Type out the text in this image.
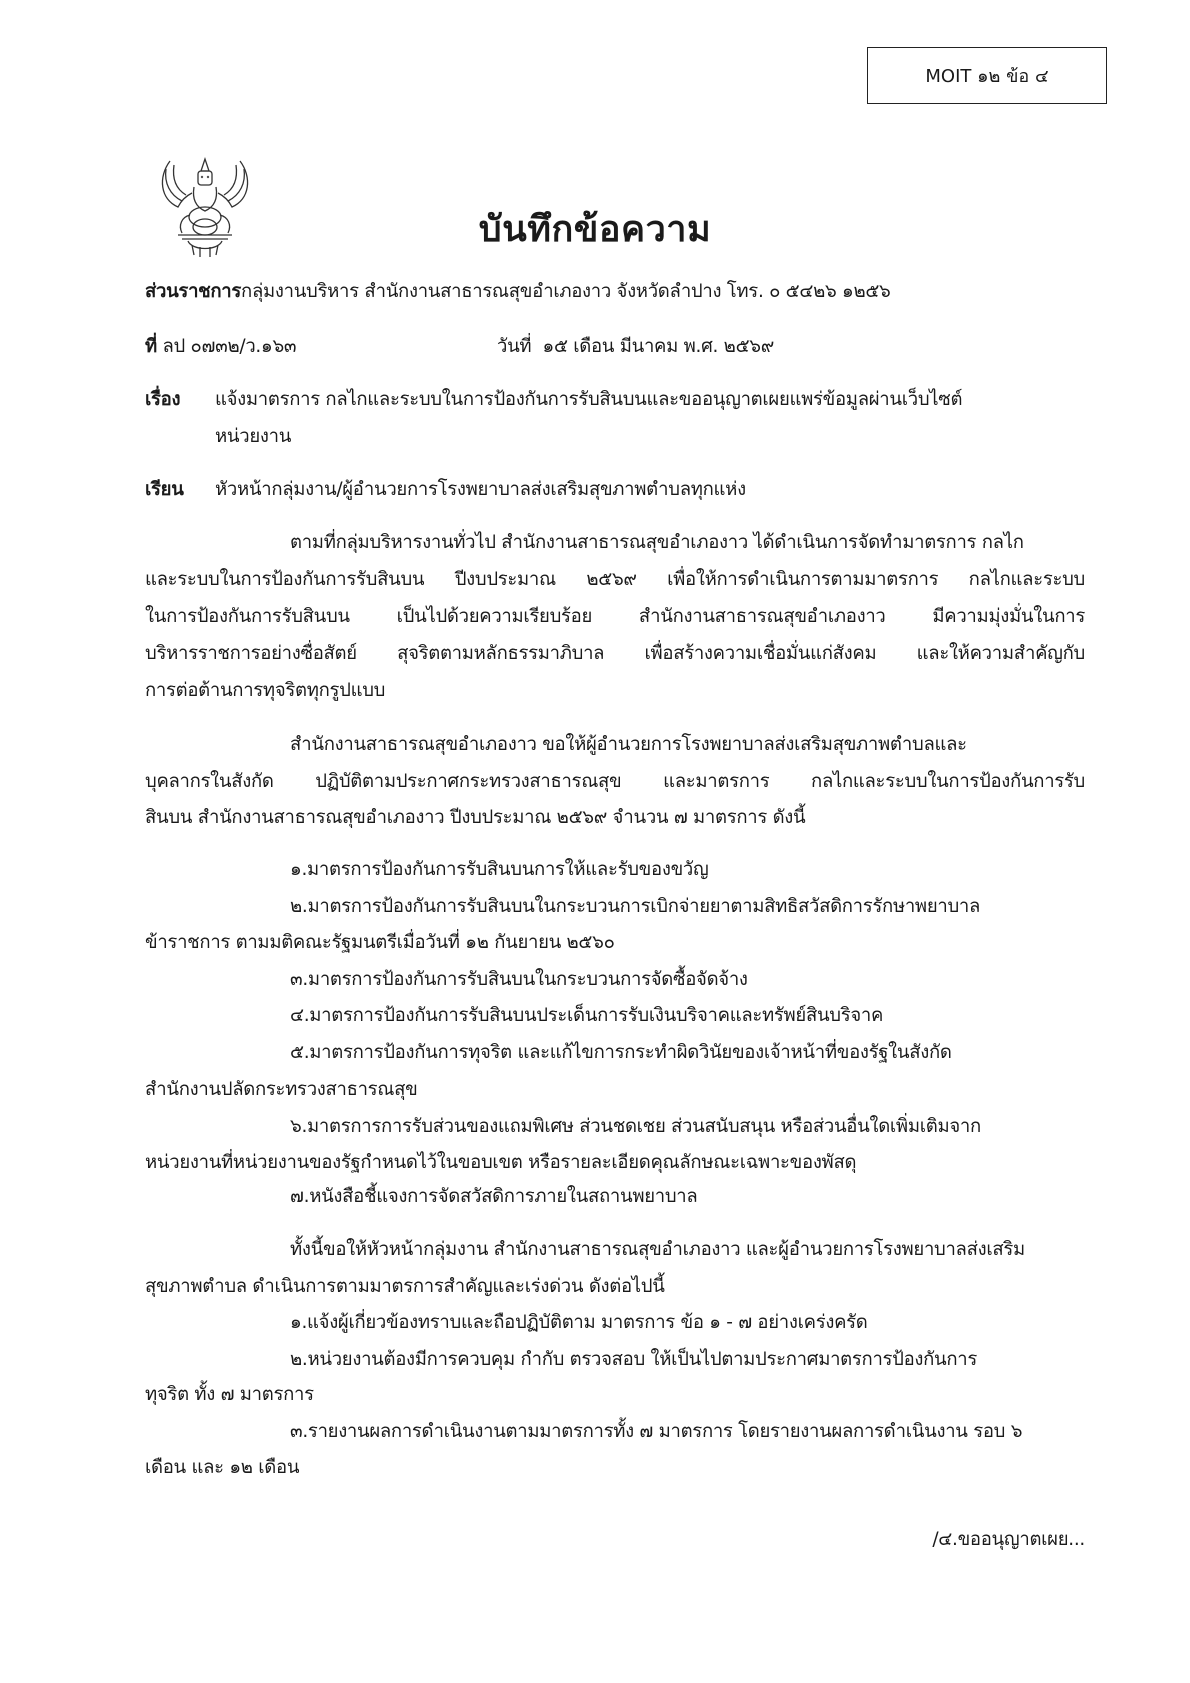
MOIT ๑๒ ข้อ ๔
บันทึกข้อความ
ส่วนราชการกลุ่มงานบริหาร สำนักงานสาธารณสุขอำเภองาว จังหวัดลำปาง โทร. ๐ ๕๔๒๖ ๑๒๕๖
ที่ ลป ๐๗๓๒/ว.๑๖๓	วันที่ ๑๕ เดือน มีนาคม พ.ศ. ๒๕๖๙
เรื่อง แจ้งมาตรการ กลไกและระบบในการป้องกันการรับสินบนและขออนุญาตเผยแพร่ข้อมูลผ่านเว็บไซต์
หน่วยงาน
เรียน หัวหน้ากลุ่มงาน/ผู้อำนวยการโรงพยาบาลส่งเสริมสุขภาพตำบลทุกแห่ง
ตามที่กลุ่มบริหารงานทั่วไป สำนักงานสาธารณสุขอำเภองาว ได้ดำเนินการจัดทำมาตรการ กลไก
และระบบในการป้องกันการรับสินบน ปีงบประมาณ ๒๕๖๙ เพื่อให้การดำเนินการตามมาตรการ กลไกและระบบ
ในการป้องกันการรับสินบน เป็นไปด้วยความเรียบร้อย สำนักงานสาธารณสุขอำเภองาว มีความมุ่งมั่นในการ
บริหารราชการอย่างซื่อสัตย์ สุจริตตามหลักธรรมาภิบาล เพื่อสร้างความเชื่อมั่นแก่สังคม และให้ความสำคัญกับ
การต่อต้านการทุจริตทุกรูปแบบ
สำนักงานสาธารณสุขอำเภองาว ขอให้ผู้อำนวยการโรงพยาบาลส่งเสริมสุขภาพตำบลและ
บุคลากรในสังกัด ปฏิบัติตามประกาศกระทรวงสาธารณสุข และมาตรการ กลไกและระบบในการป้องกันการรับ
สินบน สำนักงานสาธารณสุขอำเภองาว ปีงบประมาณ ๒๕๖๙ จำนวน ๗ มาตรการ ดังนี้
๑.มาตรการป้องกันการรับสินบนการให้และรับของขวัญ
๒.มาตรการป้องกันการรับสินบนในกระบวนการเบิกจ่ายยาตามสิทธิสวัสดิการรักษาพยาบาล
ข้าราชการ ตามมติคณะรัฐมนตรีเมื่อวันที่ ๑๒ กันยายน ๒๕๖๐
๓.มาตรการป้องกันการรับสินบนในกระบวนการจัดซื้อจัดจ้าง
๔.มาตรการป้องกันการรับสินบนประเด็นการรับเงินบริจาคและทรัพย์สินบริจาค
๕.มาตรการป้องกันการทุจริต และแก้ไขการกระทำผิดวินัยของเจ้าหน้าที่ของรัฐในสังกัด
สำนักงานปลัดกระทรวงสาธารณสุข
๖.มาตรการการรับส่วนของแถมพิเศษ ส่วนชดเชย ส่วนสนับสนุน หรือส่วนอื่นใดเพิ่มเติมจาก
หน่วยงานที่หน่วยงานของรัฐกำหนดไว้ในขอบเขต หรือรายละเอียดคุณลักษณะเฉพาะของพัสดุ
๗.หนังสือชี้แจงการจัดสวัสดิการภายในสถานพยาบาล
ทั้งนี้ขอให้หัวหน้ากลุ่มงาน สำนักงานสาธารณสุขอำเภองาว และผู้อำนวยการโรงพยาบาลส่งเสริม
สุขภาพตำบล ดำเนินการตามมาตรการสำคัญและเร่งด่วน ดังต่อไปนี้
๑.แจ้งผู้เกี่ยวข้องทราบและถือปฏิบัติตาม มาตรการ ข้อ ๑ - ๗ อย่างเคร่งครัด
๒.หน่วยงานต้องมีการควบคุม กำกับ ตรวจสอบ ให้เป็นไปตามประกาศมาตรการป้องกันการ
ทุจริต ทั้ง ๗ มาตรการ
๓.รายงานผลการดำเนินงานตามมาตรการทั้ง ๗ มาตรการ โดยรายงานผลการดำเนินงาน รอบ ๖
เดือน และ ๑๒ เดือน
/๔.ขออนุญาตเผย...
